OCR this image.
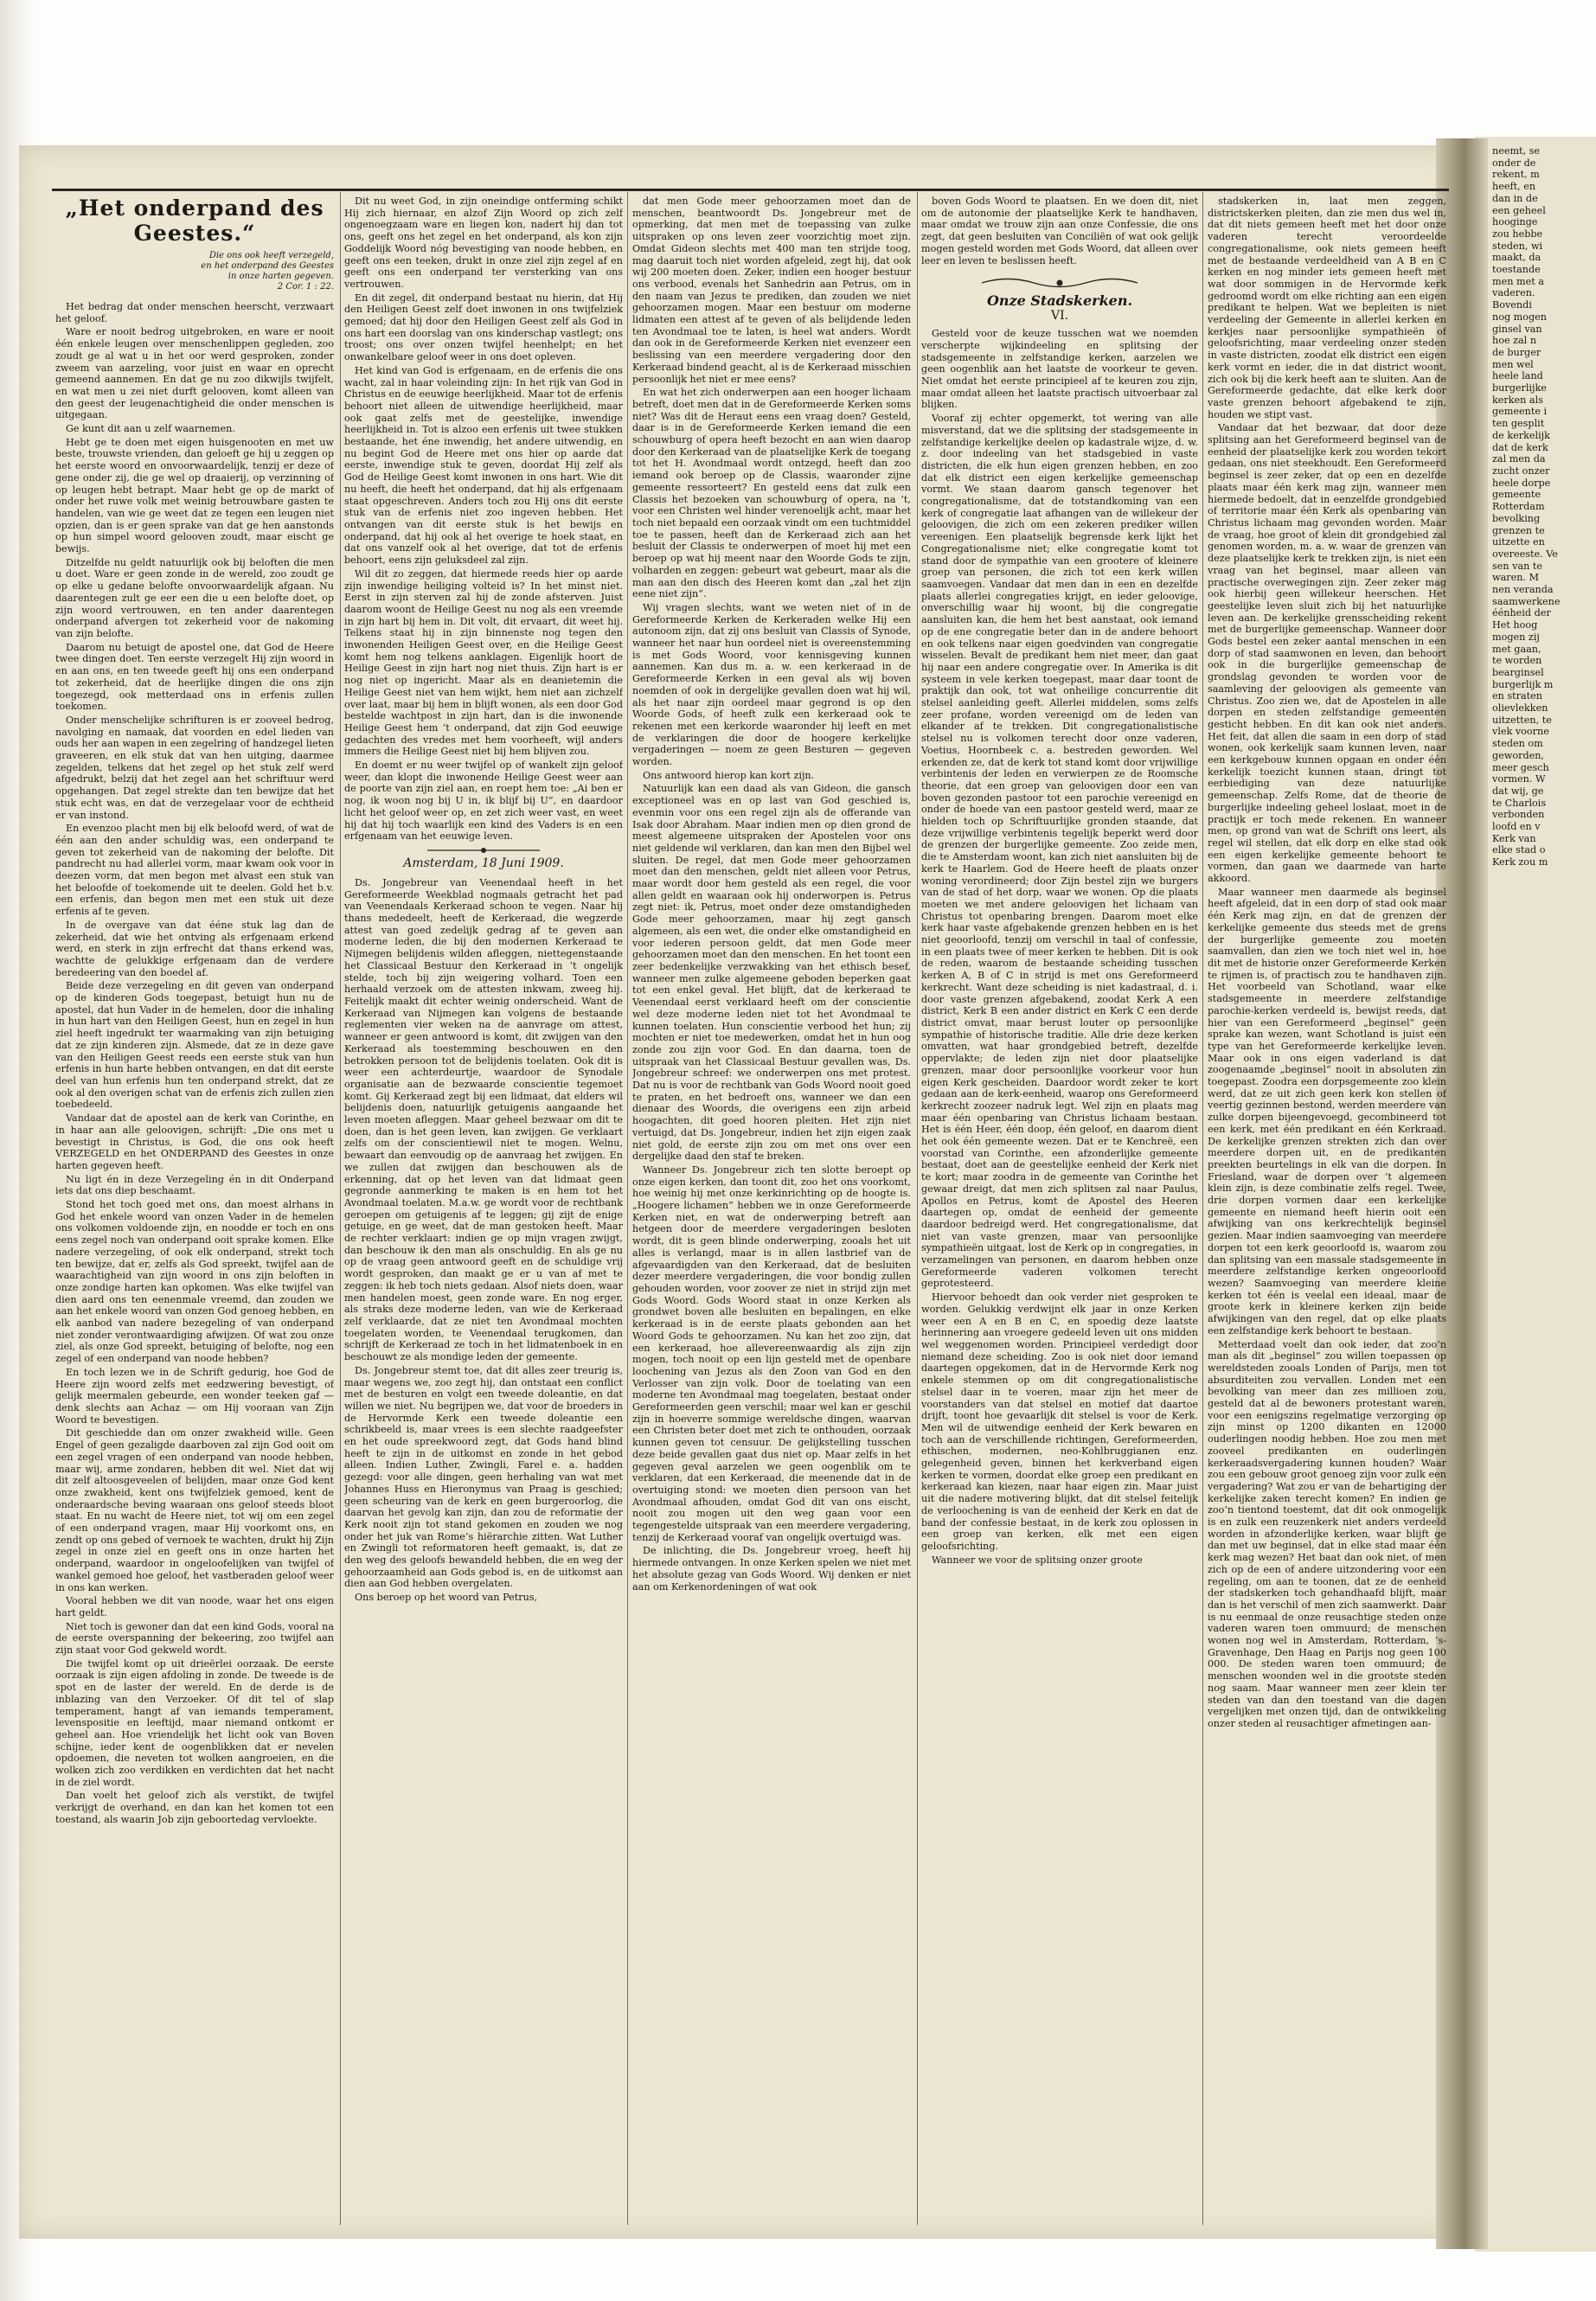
„Het onderpand des Geestes.“
Die ons ook heeft verzegeld,
en het onderpand des Geestes
in onze harten gegeven.
2 Cor. 1 : 22.

Het bedrag dat onder menschen heerscht, verzwaart het geloof.

Ware er nooit bedrog uitgebroken, en ware er nooit één enkele leugen over menschenlippen gegleden, zoo zoudt ge al wat u in het oor werd gesproken, zonder zweem van aarzeling, voor juist en waar en oprecht gemeend aannemen. En dat ge nu zoo dikwijls twijfelt, en wat men u zei niet durft gelooven, komt alleen van den geest der leugenachtigheid die onder menschen is uitgegaan.

Ge kunt dit aan u zelf waarnemen.

Hebt ge te doen met eigen huisgenooten en met uw beste, trouwste vrienden, dan geloeft ge hij u zeggen op het eerste woord en onvoorwaardelijk, tenzij er deze of gene onder zij, die ge wel op draaierij, op verzinning of op leugen hebt betrapt. Maar hebt ge op de markt of onder het ruwe volk met weinig betrouwbare gasten te handelen, van wie ge weet dat ze tegen een leugen niet opzien, dan is er geen sprake van dat ge hen aanstonds op hun simpel woord gelooven zoudt, maar eischt ge bewijs.

Ditzelfde nu geldt natuurlijk ook bij beloften die men u doet. Ware er geen zonde in de wereld, zoo zoudt ge op elke u gedane belofte onvoorwaardelijk afgaan. Nu daarentegen zult ge eer een die u een belofte doet, op zijn woord vertrouwen, en ten ander daarentegen onderpand afvergen tot zekerheid voor de nakoming van zijn belofte.

Daarom nu betuigt de apostel one, dat God de Heere twee dingen doet. Ten eerste verzegelt Hij zijn woord in en aan ons, en ten tweede geeft hij ons een onderpand tot zekerheid, dat de heerlijke dingen die ons zijn toegezegd, ook metterdaad ons in erfenis zullen toekomen.

Onder menschelijke schrifturen is er zooveel bedrog, navolging en namaak, dat voorden en edel lieden van ouds her aan wapen in een zegelring of handzegel lieten graveeren, en elk stuk dat van hen uitging, daarmee zegelden, telkens dat het zegel op het stuk zelf werd afgedrukt, belzij dat het zegel aan het schriftuur werd opgehangen. Dat zegel strekte dan ten bewijze dat het stuk echt was, en dat de verzegelaar voor de echtheid er van instond.

En evenzoo placht men bij elk beloofd werd, of wat de één aan den ander schuldig was, een onderpand te geven tot zekerheid van de nakoming der belofte. Dit pandrecht nu had allerlei vorm, maar kwam ook voor in deezen vorm, dat men begon met alvast een stuk van het beloofde of toekomende uit te deelen. Gold het b.v. een erfenis, dan begon men met een stuk uit deze erfenis af te geven.

In de overgave van dat ééne stuk lag dan de zekerheid, dat wie het ontving als erfgenaam erkend werd, en sterk in zijn erfrecht dat thans erkend was, wachtte de gelukkige erfgenaam dan de verdere beredeering van den boedel af.

Beide deze verzegeling en dit geven van onderpand op de kinderen Gods toegepast, betuigt hun nu de apostel, dat hun Vader in de hemelen, door die inhaling in hun hart van den Heiligen Geest, hun en zegel in hun ziel heeft ingedrukt ter waarmaking van zijn betuiging dat ze zijn kinderen zijn. Alsmede, dat ze in deze gave van den Heiligen Geest reeds een eerste stuk van hun erfenis in hun harte hebben ontvangen, en dat dit eerste deel van hun erfenis hun ten onderpand strekt, dat ze ook al den overigen schat van de erfenis zich zullen zien toebedeeld.

Vandaar dat de apostel aan de kerk van Corinthe, en in haar aan alle geloovigen, schrijft: „Die ons met u bevestigt in Christus, is God, die ons ook heeft VERZEGELD en het ONDERPAND des Geestes in onze harten gegeven heeft.

Nu ligt én in deze Verzegeling én in dit Onderpand iets dat ons diep beschaamt.

Stond het toch goed met ons, dan moest alrhans in God het enkele woord van onzen Vader in de hemelen ons volkomen voldoende zijn, en noodde er toch en ons eens zegel noch van onderpand ooit sprake komen. Elke nadere verzegeling, of ook elk onderpand, strekt toch ten bewijze, dat er, zelfs als God spreekt, twijfel aan de waarachtigheid van zijn woord in ons zijn beloften in onze zondige harten kan opkomen. Was elke twijfel van dien aard ons ten eenenmale vreemd, dan zouden we aan het enkele woord van onzen God genoeg hebben, en elk aanbod van nadere bezegeling of van onderpand niet zonder verontwaardiging afwijzen. Of wat zou onze ziel, als onze God spreekt, betuiging of belofte, nog een zegel of een onderpand van noode hebben?

En toch lezen we in de Schrift gedurig, hoe God de Heere zijn woord zelfs met eedzwering bevestigt, of gelijk meermalen gebeurde, een wonder teeken gaf — denk slechts aan Achaz — om Hij vooraan van Zijn Woord te bevestigen.

Dit geschiedde dan om onzer zwakheid wille. Geen Engel of geen gezaligde daarboven zal zijn God ooit om een zegel vragen of een onderpand van noode hebben, maar wij, arme zondaren, hebben dit wel. Niet dat wij dit zelf altoosgeveelen of belijden, maar onze God kent onze zwakheid, kent ons twijfelziek gemoed, kent de onderaardsche beving waaraan ons geloof steeds bloot staat. En nu wacht de Heere niet, tot wij om een zegel of een onderpand vragen, maar Hij voorkomt ons, en zendt op ons gebed of vernoek te wachten, drukt hij Zijn zegel in onze ziel en geeft ons in onze harten het onderpand, waardoor in ongeloofelijken van twijfel of wankel gemoed hoe geloof, het vastberaden geloof weer in ons kan werken.

Vooral hebben we dit van noode, waar het ons eigen hart geldt.

Niet toch is gewoner dan dat een kind Gods, vooral na de eerste overspanning der bekeering, zoo twijfel aan zijn staat voor God gekweld wordt.

Die twijfel komt op uit drieërlei oorzaak. De eerste oorzaak is zijn eigen afdoling in zonde. De tweede is de spot en de laster der wereld. En de derde is de inblazing van den Verzoeker. Of dit tel of slap temperament, hangt af van iemands temperament, levenspositie en leeftijd, maar niemand ontkomt er geheel aan. Hoe vriendelijk het licht ook van Boven schijne, ieder kent de oogenblikken dat er nevelen opdoemen, die neveten tot wolken aangroeien, en die wolken zich zoo verdikken en verdichten dat het nacht in de ziel wordt.

Dan voelt het geloof zich als verstikt, de twijfel verkrijgt de overhand, en dan kan het komen tot een toestand, als waarin Job zijn geboortedag vervloekte.

Dit nu weet God, in zijn oneindige ontferming schikt Hij zich hiernaar, en alzof Zijn Woord op zich zelf ongenoegzaam ware en liegen kon, nadert hij dan tot ons, geeft ons het zegel en het onderpand, als kon zijn Goddelijk Woord nóg bevestiging van noode hebben, en geeft ons een teeken, drukt in onze ziel zijn zegel af en geeft ons een onderpand ter versterking van ons vertrouwen.

En dit zegel, dit onderpand bestaat nu hierin, dat Hij den Heiligen Geest zelf doet inwonen in ons twijfelziek gemoed; dat hij door den Heiligen Geest zelf als God in ons hart een doorslag van ons kinderschap vastlegt; ons troost; ons over onzen twijfel heenhelpt; en het onwankelbare geloof weer in ons doet opleven.

Het kind van God is erfgenaam, en de erfenis die ons wacht, zal in haar voleinding zijn: In het rijk van God in Christus en de eeuwige heerlijkheid. Maar tot de erfenis behoort niet alleen de uitwendige heerlijkheid, maar ook gaat zelfs met de geestelijke, inwendige heerlijkheid in. Tot is alzoo een erfenis uit twee stukken bestaande, het éne inwendig, het andere uitwendig, en nu begint God de Heere met ons hier op aarde dat eerste, inwendige stuk te geven, doordat Hij zelf als God de Heilige Geest komt inwonen in ons hart. Wie dit nu heeft, die heeft het onderpand, dat hij als erfgenaam staat opgeschreven. Anders toch zou Hij ons dit eerste stuk van de erfenis niet zoo ingeven hebben. Het ontvangen van dit eerste stuk is het bewijs en onderpand, dat hij ook al het overige te hoek staat, en dat ons vanzelf ook al het overige, dat tot de erfenis behoort, eens zijn geluksdeel zal zijn.

Wil dit zo zeggen, dat hiermede reeds hier op aarde zijn inwendige heiliging volteid is? In het minst niet. Eerst in zijn sterven zal hij de zonde afsterven. Juist daarom woont de Heilige Geest nu nog als een vreemde in zijn hart bij hem in. Dit volt, dit ervaart, dit weet hij. Telkens staat hij in zijn binnenste nog tegen den inwonenden Heiligen Geest over, en die Heilige Geest komt hem nog telkens aanklagen. Eigenlijk hoort de Heilige Geest in zijn hart nog niet thuis. Zijn hart is er nog niet op ingericht. Maar als en deanietemin die Heilige Geest niet van hem wijkt, hem niet aan zichzelf over laat, maar bij hem in blijft wonen, als een door God bestelde wachtpost in zijn hart, dan is die inwonende Heilige Geest hem ’t onderpand, dat zijn God eeuwige gedachten des vredes met hem voorheeft, wijl anders immers die Heilige Geest niet bij hem blijven zou.

En doemt er nu weer twijfel op of wankelt zijn geloof weer, dan klopt die inwonende Heilige Geest weer aan de poorte van zijn ziel aan, en roept hem toe: „Ai ben er nog, ik woon nog bij U in, ik blijf bij U“, en daardoor licht het geloof weer op, en zet zich weer vast, en weet hij dat hij toch waarlijk een kind des Vaders is en een erfgenaam van het eeuwige leven.

Amsterdam, 18 Juni 1909.

Ds. Jongebreur van Veenendaal heeft in het Gereformeerde Weekblad nogmaals getracht het pad van Veenendaals Kerkeraad schoon te vegen. Naar hij thans mededeelt, heeft de Kerkeraad, die wegzerde attest van goed zedelijk gedrag af te geven aan moderne leden, die bij den modernen Kerkeraad te Nijmegen belijdenis wilden afleggen, niettegenstaande het Classicaal Bestuur den Kerkeraad in ’t ongelijk stelde, toch bij zijn weigering volhard. Toen een herhaald verzoek om de attesten inkwam, zweeg hij. Feitelijk maakt dit echter weinig onderscheid. Want de Kerkeraad van Nijmegen kan volgens de bestaande reglementen vier weken na de aanvrage om attest, wanneer er geen antwoord is komt, dit zwijgen van den Kerkeraad als toestemming beschouwen en den betrokken persoon tot de belijdenis toelaten. Ook dit is weer een achterdeurtje, waardoor de Synodale organisatie aan de bezwaarde conscientie tegemoet komt. Gij Kerkeraad zegt bij een lidmaat, dat elders wil belijdenis doen, natuurlijk getuigenis aangaande het leven moeten afleggen. Maar geheel bezwaar om dit te doen, dan is het geen leven, kan zwijgen. Ge verklaart zelfs om der conscientiewil niet te mogen. Welnu, bewaart dan eenvoudig op de aanvraag het zwijgen. En we zullen dat zwijgen dan beschouwen als de erkenning, dat op het leven van dat lidmaat geen gegronde aanmerking te maken is en hem tot het Avondmaal toelaten. M.a.w. ge wordt voor de rechtbank geroepen om getuigenis af te leggen; gij zijt de enige getuige, en ge weet, dat de man gestoken heeft. Maar de rechter verklaart: indien ge op mijn vragen zwijgt, dan beschouw ik den man als onschuldig. En als ge nu op de vraag geen antwoord geeft en de schuldige vrij wordt gesproken, dan maakt ge er u van af met te zeggen: ik heb toch niets gedaan. Alsof niets doen, waar men handelen moest, geen zonde ware. En nog erger, als straks deze moderne leden, van wie de Kerkeraad zelf verklaarde, dat ze niet ten Avondmaal mochten toegelaten worden, te Veenendaal terugkomen, dan schrijft de Kerkeraad ze toch in het lidmatenboek in en beschouwt ze als mondige leden der gemeente.

Ds. Jongebreur stemt toe, dat dit alles zeer treurig is, maar wegens we, zoo zegt hij, dan ontstaat een conflict met de besturen en volgt een tweede doleantie, en dat willen we niet. Nu begrijpen we, dat voor de broeders in de Hervormde Kerk een tweede doleantie een schrikbeeld is, maar vrees is een slechte raadgeefster en het oude spreekwoord zegt, dat Gods hand blind heeft te zijn in de uitkomst en zonde in het gebod alleen. Indien Luther, Zwingli, Farel e. a. hadden gezegd: voor alle dingen, geen herhaling van wat met Johannes Huss en Hieronymus van Praag is geschied; geen scheuring van de kerk en geen burgeroorlog, die daarvan het gevolg kan zijn, dan zou de reformatie der Kerk nooit zijn tot stand gekomen en zouden we nog onder het juk van Rome’s hiërarchie zitten. Wat Luther en Zwingli tot reformatoren heeft gemaakt, is, dat ze den weg des geloofs bewandeld hebben, die en weg der gehoorzaamheid aan Gods gebod is, en de uitkomst aan dien aan God hebben overgelaten.

Ons beroep op het woord van Petrus,

dat men Gode meer gehoorzamen moet dan de menschen, beantwoordt Ds. Jongebreur met de opmerking, dat men met de toepassing van zulke uitspraken op ons leven zeer voorzichtig moet zijn. Omdat Gideon slechts met 400 man ten strijde toog, mag daaruit toch niet worden afgeleid, zegt hij, dat ook wij 200 moeten doen. Zeker, indien een hooger bestuur ons verbood, evenals het Sanhedrin aan Petrus, om in den naam van Jezus te prediken, dan zouden we niet gehoorzamen mogen. Maar een bestuur om moderne lidmaten een attest af te geven of als belijdende leden ten Avondmaal toe te laten, is heel wat anders. Wordt dan ook in de Gereformeerde Kerken niet evenzeer een beslissing van een meerdere vergadering door den Kerkeraad bindend geacht, al is de Kerkeraad misschien persoonlijk het niet er mee eens?

En wat het zich onderwerpen aan een hooger lichaam betreft, doet men dat in de Gereformeerde Kerken soms niet? Was dit de Heraut eens een vraag doen? Gesteld, daar is in de Gereformeerde Kerken iemand die een schouwburg of opera heeft bezocht en aan wien daarop door den Kerkeraad van de plaatselijke Kerk de toegang tot het H. Avondmaal wordt ontzegd, heeft dan zoo iemand ook beroep op de Classis, waaronder zijne gemeente ressorteert? En gesteld eens dat zulk een Classis het bezoeken van schouwburg of opera, na ’t, voor een Christen wel hinder verenoelijk acht, maar het toch niet bepaald een oorzaak vindt om een tuchtmiddel toe te passen, heeft dan de Kerkeraad zich aan het besluit der Classis te onderwerpen of moet hij met een beroep op wat hij meent naar den Woorde Gods te zijn, volharden en zeggen: gebeurt wat gebeurt, maar als die man aan den disch des Heeren komt dan „zal het zijn eene niet zijn“.

Wij vragen slechts, want we weten niet of in de Gereformeerde Kerken de Kerkeraden welke Hij een autonoom zijn, dat zij ons besluit van Classis of Synode, wanneer het naar hun oordeel niet is overeenstemming is met Gods Woord, voor kennisgeving kunnen aannemen. Kan dus m. a. w. een kerkeraad in de Gereformeerde Kerken in een geval als wij boven noemden of ook in dergelijke gevallen doen wat hij wil, als het naar zijn oordeel maar gegrond is op den Woorde Gods, of heeft zulk een kerkeraad ook te rekenen met een kerkorde waaronder hij leeft en met de verklaringen die door de hoogere kerkelijke vergaderingen — noem ze geen Besturen — gegeven worden.

Ons antwoord hierop kan kort zijn.

Natuurlijk kan een daad als van Gideon, die gansch exceptioneel was en op last van God geschied is, evenmin voor ons een regel zijn als de offerande van Isak door Abraham. Maar indien men op dien grond de meest algemeene uitspraken der Apostelen voor ons niet geldende wil verklaren, dan kan men den Bijbel wel sluiten. De regel, dat men Gode meer gehoorzamen moet dan den menschen, geldt niet alleen voor Petrus, maar wordt door hem gesteld als een regel, die voor allen geldt en waaraan ook hij onderworpen is. Petrus zegt niet: ik, Petrus, moet onder deze omstandigheden Gode meer gehoorzamen, maar hij zegt gansch algemeen, als een wet, die onder elke omstandigheid en voor iederen persoon geldt, dat men Gode meer gehoorzamen moet dan den menschen. En het toont een zeer bedenkelijke verzwakking van het ethisch besef, wanneer men zulke algemeene geboden beperken gaat tot een enkel geval. Het blijft, dat de kerkeraad te Veenendaal eerst verklaard heeft om der conscientie wel deze moderne leden niet tot het Avondmaal te kunnen toelaten. Hun conscientie verbood het hun; zij mochten er niet toe medewerken, omdat het in hun oog zonde zou zijn voor God. En dan daarna, toen de uitspraak van het Classicaal Bestuur gevallen was, Ds. Jongebreur schreef: we onderwerpen ons met protest. Dat nu is voor de rechtbank van Gods Woord nooit goed te praten, en het bedroeft ons, wanneer we dan een dienaar des Woords, die overigens een zijn arbeid hoogachten, dit goed hooren pleiten. Het zijn niet vertuigd, dat Ds. Jongebreur, indien het zijn eigen zaak niet gold, de eerste zijn zou om met ons over een dergelijke daad den staf te breken.

Wanneer Ds. Jongebreur zich ten slotte beroept op onze eigen kerken, dan toont dit, zoo het ons voorkomt, hoe weinig hij met onze kerkinrichting op de hoogte is. „Hoogere lichamen“ hebben we in onze Gereformeerde Kerken niet, en wat de onderwerping betreft aan hetgeen door de meerdere vergaderingen besloten wordt, dit is geen blinde onderwerping, zooals het uit alles is verlangd, maar is in allen lastbrief van de afgevaardigden van den Kerkeraad, dat de besluiten dezer meerdere vergaderingen, die voor bondig zullen gehouden worden, voor zoover ze niet in strijd zijn met Gods Woord. Gods Woord staat in onze Kerken als grondwet boven alle besluiten en bepalingen, en elke kerkeraad is in de eerste plaats gebonden aan het Woord Gods te gehoorzamen. Nu kan het zoo zijn, dat een kerkeraad, hoe allevereenwaardig als zijn zijn mogen, toch nooit op een lijn gesteld met de openbare loochening van Jezus als den Zoon van God en den Verlosser van zijn volk. Door de toelating van een moderne ten Avondmaal mag toegelaten, bestaat onder Gereformeerden geen verschil; maar wel kan er geschil zijn in hoeverre sommige wereldsche dingen, waarvan een Christen beter doet met zich te onthouden, oorzaak kunnen geven tot censuur. De gelijkstelling tusschen deze beide gevallen gaat dus niet op. Maar zelfs in het gegeven geval aarzelen we geen oogenblik om te verklaren, dat een Kerkeraad, die meenende dat in de overtuiging stond: we moeten dien persoon van het Avondmaal afhouden, omdat God dit van ons eischt, nooit zou mogen uit den weg gaan voor een tegengestelde uitspraak van een meerdere vergadering, tenzij de Kerkeraad vooraf van ongelijk overtuigd was.

De inlichting, die Ds. Jongebreur vroeg, heeft hij hiermede ontvangen. In onze Kerken spelen we niet met het absolute gezag van Gods Woord. Wij denken er niet aan om Kerkenordeningen of wat ook

boven Gods Woord te plaatsen. En we doen dit, niet om de autonomie der plaatselijke Kerk te handhaven, maar omdat we trouw zijn aan onze Confessie, die ons zegt, dat geen besluiten van Conciliën of wat ook gelijk mogen gesteld worden met Gods Woord, dat alleen over leer en leven te beslissen heeft.

Onze Stadskerken.

VI.

Gesteld voor de keuze tusschen wat we noemden verscherpte wijkindeeling en splitsing der stadsgemeente in zelfstandige kerken, aarzelen we geen oogenblik aan het laatste de voorkeur te geven. Niet omdat het eerste principieel af te keuren zou zijn, maar omdat alleen het laatste practisch uitvoerbaar zal blijken.

Vooraf zij echter opgemerkt, tot wering van alle misverstand, dat we die splitsing der stadsgemeente in zelfstandige kerkelijke deelen op kadastrale wijze, d. w. z. door indeeling van het stadsgebied in vaste districten, die elk hun eigen grenzen hebben, en zoo dat elk district een eigen kerkelijke gemeenschap vormt. We staan daarom gansch tegenover het congregationalisme, dat de totstandkoming van een kerk of congregatie laat afhangen van de willekeur der geloovigen, die zich om een zekeren prediker willen vereenigen. Een plaatselijk begrensde kerk lijkt het Congregationalisme niet; elke congregatie komt tot stand door de sympathie van een grootere of kleinere groep van personen, die zich tot een kerk willen saamvoegen. Vandaar dat men dan in een en dezelfde plaats allerlei congregaties krijgt, en ieder geloovige, onverschillig waar hij woont, bij die congregatie aansluiten kan, die hem het best aanstaat, ook iemand op de ene congregatie beter dan in de andere behoort en ook telkens naar eigen goedvinden van congregatie wisselen. Bevalt de predikant hem niet meer, dan gaat hij naar een andere congregatie over. In Amerika is dit systeem in vele kerken toegepast, maar daar toont de praktijk dan ook, tot wat onheilige concurrentie dit stelsel aanleiding geeft. Allerlei middelen, soms zelfs zeer profane, worden vereenigd om de leden van elkander af te trekken. Dit congregationalistische stelsel nu is volkomen terecht door onze vaderen, Voetius, Hoornbeek c. a. bestreden geworden. Wel erkenden ze, dat de kerk tot stand komt door vrijwillige verbintenis der leden en verwierpen ze de Roomsche theorie, dat een groep van geloovigen door een van boven gezonden pastoor tot een parochie vereenigd en onder de hoede van een pastoor gesteld werd, maar ze hielden toch op Schriftuurlijke gronden staande, dat deze vrijwillige verbintenis tegelijk beperkt werd door de grenzen der burgerlijke gemeente. Zoo zeide men, die te Amsterdam woont, kan zich niet aansluiten bij de kerk te Haarlem. God de Heere heeft de plaats onzer woning verordineerd; door Zijn bestel zijn we burgers van de stad of het dorp, waar we wonen. Op die plaats moeten we met andere geloovigen het lichaam van Christus tot openbaring brengen. Daarom moet elke kerk haar vaste afgebakende grenzen hebben en is het niet geoorloofd, tenzij om verschil in taal of confessie, in een plaats twee of meer kerken te hebben. Dit is ook de reden, waarom de bestaande scheiding tusschen kerken A, B of C in strijd is met ons Gereformeerd kerkrecht. Want deze scheiding is niet kadastraal, d. i. door vaste grenzen afgebakend, zoodat Kerk A een district, Kerk B een ander district en Kerk C een derde district omvat, maar berust louter op persoonlijke sympathie of historische traditie. Alle drie deze kerken omvatten, wat haar grondgebied betreft, dezelfde oppervlakte; de leden zijn niet door plaatselijke grenzen, maar door persoonlijke voorkeur voor hun eigen Kerk gescheiden. Daardoor wordt zeker te kort gedaan aan de kerk-eenheid, waarop ons Gereformeerd kerkrecht zoozeer nadruk legt. Wel zijn en plaats mag maar één openbaring van Christus lichaam bestaan. Het is één Heer, één doop, één geloof, en daarom dient het ook één gemeente wezen. Dat er te Kenchreë, een voorstad van Corinthe, een afzonderlijke gemeente bestaat, doet aan de geestelijke eenheid der Kerk niet te kort; maar zoodra in de gemeente van Corinthe het gewaar dreigt, dat men zich splitsen zal naar Paulus, Apollos en Petrus, komt de Apostel des Heeren daartegen op, omdat de eenheid der gemeente daardoor bedreigd werd. Het congregationalisme, dat niet van vaste grenzen, maar van persoonlijke sympathieën uitgaat, lost de Kerk op in congregaties, in verzamelingen van personen, en daarom hebben onze Gereformeerde vaderen volkomen terecht geprotesteerd.

Hiervoor behoedt dan ook verder niet gesproken te worden. Gelukkig verdwijnt elk jaar in onze Kerken weer een A en B en C, en spoedig deze laatste herinnering aan vroegere gedeeld leven uit ons midden wel weggenomen worden. Principieel verdedigt door niemand deze scheiding. Zoo is ook niet door iemand daartegen opgekomen, dat in de Hervormde Kerk nog enkele stemmen op om dit congregationalistische stelsel daar in te voeren, maar zijn het meer de voorstanders van dat stelsel en motief dat daartoe drijft, toont hoe gevaarlijk dit stelsel is voor de Kerk. Men wil de uitwendige eenheid der Kerk bewaren en toch aan de verschillende richtingen, Gereformeerden, ethischen, modernen, neo-Kohlbruggianen enz. gelegenheid geven, binnen het kerkverband eigen kerken te vormen, doordat elke groep een predikant en kerkeraad kan kiezen, naar haar eigen zin. Maar juist uit die nadere motivering blijkt, dat dit stelsel feitelijk de verloochening is van de eenheid der Kerk en dat de band der confessie bestaat, in de kerk zou oplossen in een groep van kerken, elk met een eigen geloofsrichting.

Wanneer we voor de splitsing onzer groote

stadskerken in, laat men zeggen, districtskerken pleiten, dan zie men dus wel in, dat dit niets gemeen heeft met het door onze vaderen terecht veroordeelde congregationalisme, ook niets gemeen heeft met de bestaande verdeeldheid van A B en C kerken en nog minder iets gemeen heeft met wat door sommigen in de Hervormde kerk gedroomd wordt om elke richting aan een eigen predikant te helpen. Wat we bepleiten is niet verdeeling der Gemeente in allerlei kerken en kerkjes naar persoonlijke sympathieën of geloofsrichting, maar verdeeling onzer steden in vaste districten, zoodat elk district een eigen kerk vormt en ieder, die in dat district woont, zich ook bij die kerk heeft aan te sluiten. Aan de Gereformeerde gedachte, dat elke kerk door vaste grenzen behoort afgebakend te zijn, houden we stipt vast.

Vandaar dat het bezwaar, dat door deze splitsing aan het Gereformeerd beginsel van de eenheid der plaatselijke kerk zou worden tekort gedaan, ons niet steekhoudt. Een Gereformeerd beginsel is zeer zeker, dat op een en dezelfde plaats maar één kerk mag zijn, wanneer men hiermede bedoelt, dat in eenzelfde grondgebied of territorie maar één Kerk als openbaring van Christus lichaam mag gevonden worden. Maar de vraag, hoe groot of klein dit grondgebied zal genomen worden, m. a. w. waar de grenzen van deze plaatselijke kerk te trekken zijn, is niet een vraag van het beginsel, maar alleen van practische overwegingen zijn. Zeer zeker mag ook hierbij geen willekeur heerschen. Het geestelijke leven sluit zich bij het natuurlijke leven aan. De kerkelijke grensscheiding rekent met de burgerlijke gemeenschap. Wanneer door Gods bestel een zeker aantal menschen in een dorp of stad saamwonen en leven, dan behoort ook in die burgerlijke gemeenschap de grondslag gevonden te worden voor de saamleving der geloovigen als gemeente van Christus. Zoo zien we, dat de Apostelen in alle dorpen en steden zelfstandige gemeenten gesticht hebben. En dit kan ook niet anders. Het feit, dat allen die saam in een dorp of stad wonen, ook kerkelijk saam kunnen leven, naar een kerkgebouw kunnen opgaan en onder één kerkelijk toezicht kunnen staan, dringt tot eerbiediging van deze natuurlijke gemeenschap. Zelfs Rome, dat de theorie de burgerlijke indeeling geheel loslaat, moet in de practijk er toch mede rekenen. En wanneer men, op grond van wat de Schrift ons leert, als regel wil stellen, dat elk dorp en elke stad ook een eigen kerkelijke gemeente behoort te vormen, dan gaan we daarmede van harte akkoord.

Maar wanneer men daarmede als beginsel heeft afgeleid, dat in een dorp of stad ook maar één Kerk mag zijn, en dat de grenzen der kerkelijke gemeente dus steeds met de grens der burgerlijke gemeente zou moeten saamvallen, dan zien we toch niet wel in, hoe dit met de historie onzer Gereformeerde Kerken te rijmen is, of practisch zou te handhaven zijn. Het voorbeeld van Schotland, waar elke stadsgemeente in meerdere zelfstandige parochie-kerken verdeeld is, bewijst reeds, dat hier van een Gereformeerd „beginsel“ geen sprake kan wezen, want Schotland is juist een type van het Gereformeerde kerkelijke leven. Maar ook in ons eigen vaderland is dat zoogenaamde „beginsel“ nooit in absoluten zin toegepast. Zoodra een dorpsgemeente zoo klein werd, dat ze uit zich geen kerk kon stellen of veertig gezinnen bestond, werden meerdere van zulke dorpen bijeengevoegd, gecombineerd tot een kerk, met één predikant en één Kerkraad. De kerkelijke grenzen strekten zich dan over meerdere dorpen uit, en de predikanten preekten beurtelings in elk van die dorpen. In Friesland, waar de dorpen over ’t algemeen klein zijn, is deze combinatie zelfs regel. Twee, drie dorpen vormen daar een kerkelijke gemeente en niemand heeft hierin ooit een afwijking van ons kerkrechtelijk beginsel gezien. Maar indien saamvoeging van meerdere dorpen tot een kerk geoorloofd is, waarom zou dan splitsing van een massale stadsgemeente in meerdere zelfstandige kerken ongeoorloofd wezen? Saamvoeging van meerdere kleine kerken tot één is veelal een ideaal, maar de groote kerk in kleinere kerken zijn beide afwijkingen van den regel, dat op elke plaats een zelfstandige kerk behoort te bestaan.

Metterdaad voelt dan ook ieder, dat zoo’n man als dit „beginsel“ zou willen toepassen op wereldsteden zooals Londen of Parijs, men tot absurditeiten zou vervallen. Londen met een bevolking van meer dan zes millioen zou, gesteld dat al de bewoners protestant waren, voor een eenigszins regelmatige verzorging op zijn minst op 1200 dikanten en 12000 ouderlingen noodig hebben. Hoe zou men met zooveel predikanten en ouderlingen kerkeraadsvergadering kunnen houden? Waar zou een gebouw groot genoeg zijn voor zulk een vergadering? Wat zou er van de behartiging der kerkelijke zaken terecht komen? En indien ge zoo’n tientond toestemt, dat dit ook onmogelijk is en zulk een reuzenkerk niet anders verdeeld worden in afzonderlijke kerken, waar blijft ge dan met uw beginsel, dat in elke stad maar één kerk mag wezen? Het baat dan ook niet, of men zich op de een of andere uitzondering voor een regeling, om aan te toonen, dat ze de eenheid der stadskerken toch gehandhaafd blijft, maar dan is het verschil of men zich saamwerkt. Daar is nu eenmaal de onze reusachtige steden onze vaderen waren toen ommuurd; de menschen wonen nog wel in Amsterdam, Rotterdam, ’s-Gravenhage, Den Haag en Parijs nog geen 100 000. De steden waren toen ommuurd; de menschen woonden wel in die grootste steden nog saam. Maar wanneer men zeer klein ter steden van dan den toestand van die dagen vergelijken met onzen tijd, dan de ontwikkeling onzer steden al reusachtiger afmetingen aan-

neemt, se
onder de
rekent, m
heeft, en
dan in de
een geheel
hooginge
zou hebbe
steden, wi
maakt, da
toestande
men met a
vaderen.
Bovendi
nog mogen
ginsel van
hoe zal n
de burger
men wel
heele land
burgerlijke
kerken als
gemeente i
ten gesplit
de kerkelijk
dat de kerk
zal men da
zucht onzer
heele dorpe
gemeente
Rotterdam
bevolking
grenzen te
uitzette en
overeeste. Ve
sen van te
waren. M
nen veranda
saamwerkene
éénheid der
Het hoog
mogen zij
met gaan,
te worden
bearginsel
burgerlijk m
en straten
olievlekken
uitzetten, te
vlek voorne
steden om
geworden,
meer gesch
vormen. W
dat wij, ge
te Charlois
verbonden
loofd en v
Kerk van
elke stad o
Kerk zou m
